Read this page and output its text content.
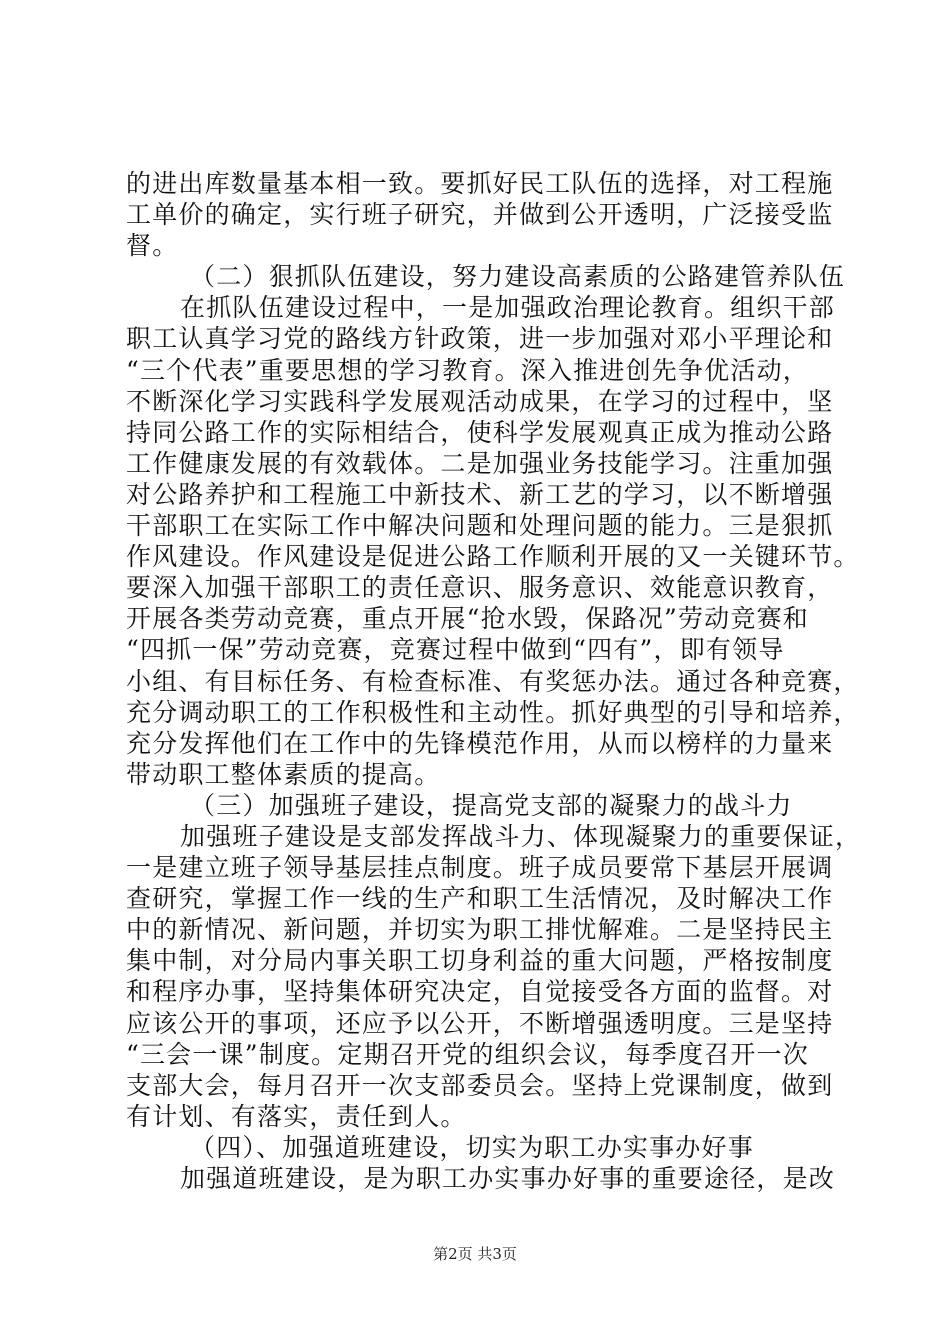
的进出库数量基本相一致。要抓好民工队伍的选择，对工程施
工单价的确定，实行班子研究，并做到公开透明，广泛接受监
督。
（二）狠抓队伍建设，努力建设高素质的公路建管养队伍
在抓队伍建设过程中，一是加强政治理论教育。组织干部
职工认真学习党的路线方针政策，进一步加强对邓小平理论和
“三个代表”重要思想的学习教育。深入推进创先争优活动，
不断深化学习实践科学发展观活动成果，在学习的过程中，坚
持同公路工作的实际相结合，使科学发展观真正成为推动公路
工作健康发展的有效载体。二是加强业务技能学习。注重加强
对公路养护和工程施工中新技术、新工艺的学习，以不断增强
干部职工在实际工作中解决问题和处理问题的能力。三是狠抓
作风建设。作风建设是促进公路工作顺利开展的又一关键环节。
要深入加强干部职工的责任意识、服务意识、效能意识教育，
开展各类劳动竞赛，重点开展“抢水毁，保路况”劳动竞赛和
“四抓一保”劳动竞赛，竞赛过程中做到“四有”，即有领导
小组、有目标任务、有检查标准、有奖惩办法。通过各种竞赛，
充分调动职工的工作积极性和主动性。抓好典型的引导和培养，
充分发挥他们在工作中的先锋模范作用，从而以榜样的力量来
带动职工整体素质的提高。
（三）加强班子建设，提高党支部的凝聚力的战斗力
加强班子建设是支部发挥战斗力、体现凝聚力的重要保证，
一是建立班子领导基层挂点制度。班子成员要常下基层开展调
查研究，掌握工作一线的生产和职工生活情况，及时解决工作
中的新情况、新问题，并切实为职工排忧解难。二是坚持民主
集中制，对分局内事关职工切身利益的重大问题，严格按制度
和程序办事，坚持集体研究决定，自觉接受各方面的监督。对
应该公开的事项，还应予以公开，不断增强透明度。三是坚持
“三会一课”制度。定期召开党的组织会议，每季度召开一次
支部大会，每月召开一次支部委员会。坚持上党课制度，做到
有计划、有落实，责任到人。
（四）、加强道班建设，切实为职工办实事办好事
加强道班建设，是为职工办实事办好事的重要途径，是改
第2页 共3页
